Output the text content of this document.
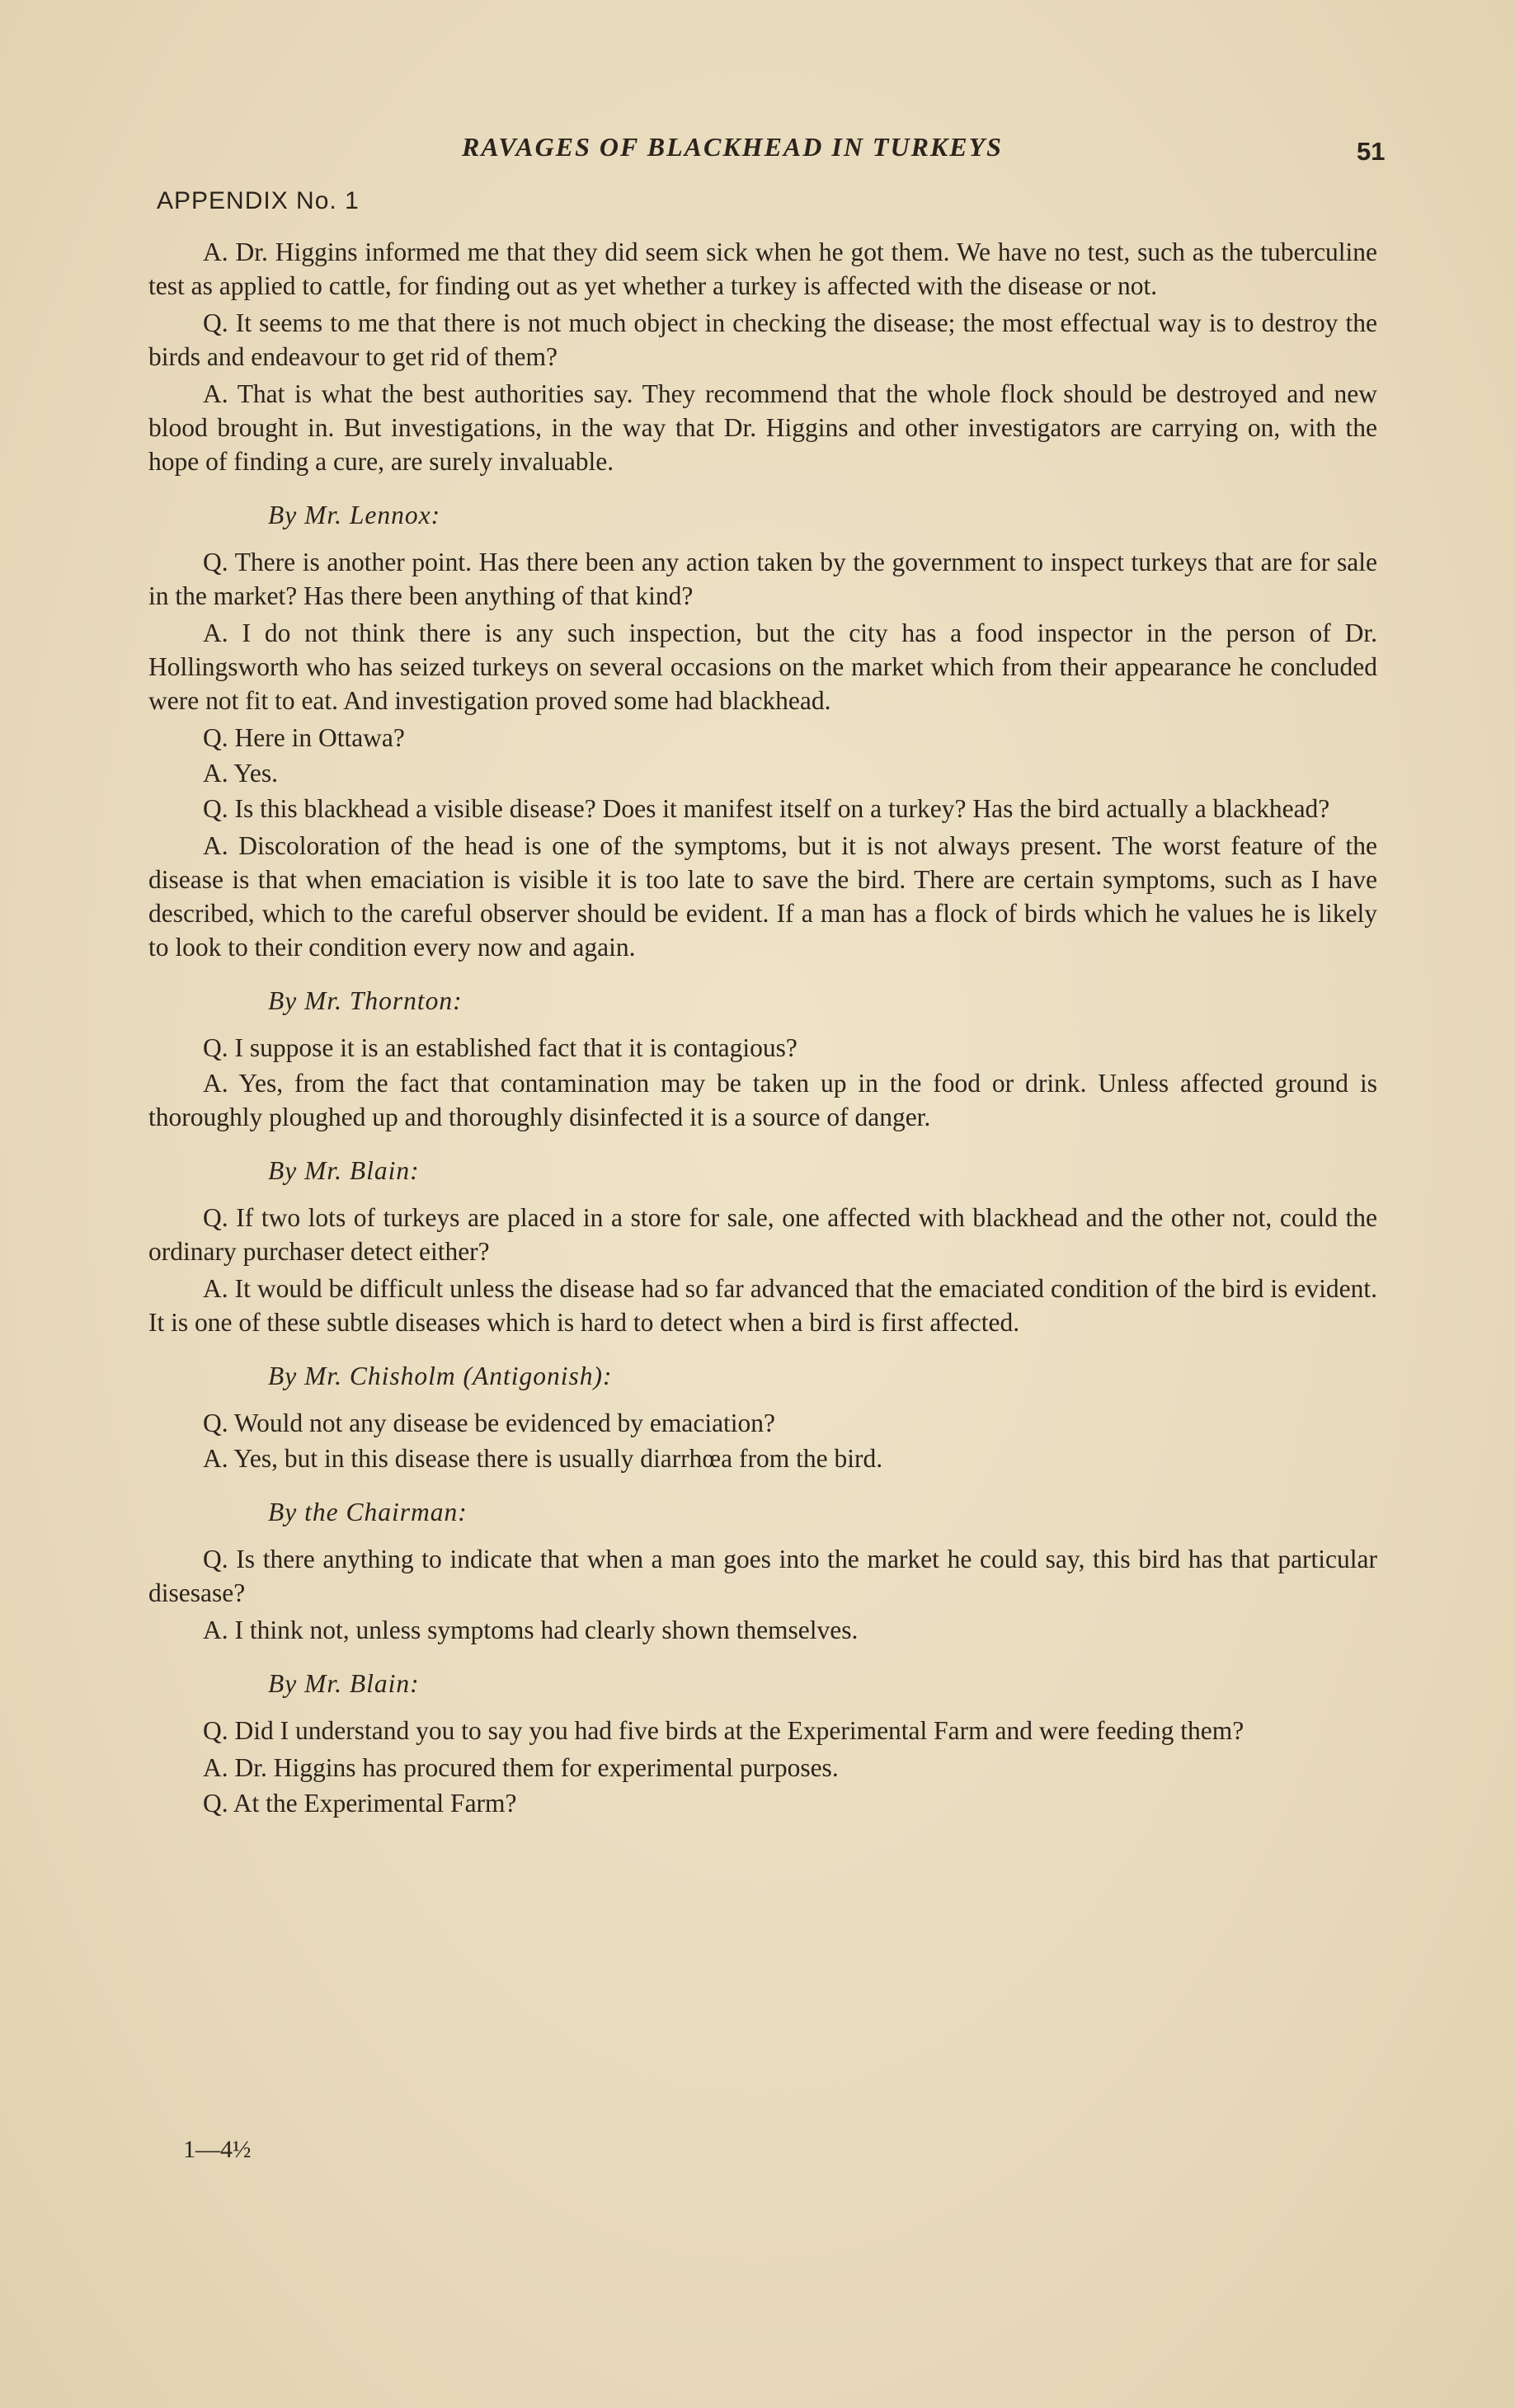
RAVAGES OF BLACKHEAD IN TURKEYS	51
APPENDIX No. 1

A. Dr. Higgins informed me that they did seem sick when he got them. We have no test, such as the tuberculine test as applied to cattle, for finding out as yet whether a turkey is affected with the disease or not.

Q. It seems to me that there is not much object in checking the disease; the most effectual way is to destroy the birds and endeavour to get rid of them?

A. That is what the best authorities say. They recommend that the whole flock should be destroyed and new blood brought in. But investigations, in the way that Dr. Higgins and other investigators are carrying on, with the hope of finding a cure, are surely invaluable.

By Mr. Lennox:

Q. There is another point. Has there been any action taken by the government to inspect turkeys that are for sale in the market? Has there been anything of that kind?

A. I do not think there is any such inspection, but the city has a food inspector in the person of Dr. Hollingsworth who has seized turkeys on several occasions on the market which from their appearance he concluded were not fit to eat. And investigation proved some had blackhead.

Q. Here in Ottawa?

A. Yes.

Q. Is this blackhead a visible disease? Does it manifest itself on a turkey? Has the bird actually a blackhead?

A. Discoloration of the head is one of the symptoms, but it is not always present. The worst feature of the disease is that when emaciation is visible it is too late to save the bird. There are certain symptoms, such as I have described, which to the careful observer should be evident. If a man has a flock of birds which he values he is likely to look to their condition every now and again.

By Mr. Thornton:

Q. I suppose it is an established fact that it is contagious?

A. Yes, from the fact that contamination may be taken up in the food or drink. Unless affected ground is thoroughly ploughed up and thoroughly disinfected it is a source of danger.

By Mr. Blain:

Q. If two lots of turkeys are placed in a store for sale, one affected with blackhead and the other not, could the ordinary purchaser detect either?

A. It would be difficult unless the disease had so far advanced that the emaciated condition of the bird is evident. It is one of these subtle diseases which is hard to detect when a bird is first affected.

By Mr. Chisholm (Antigonish):

Q. Would not any disease be evidenced by emaciation?

A. Yes, but in this disease there is usually diarrhœa from the bird.

By the Chairman:

Q. Is there anything to indicate that when a man goes into the market he could say, this bird has that particular disesase?

A. I think not, unless symptoms had clearly shown themselves.

By Mr. Blain:

Q. Did I understand you to say you had five birds at the Experimental Farm and were feeding them?

A. Dr. Higgins has procured them for experimental purposes.

Q. At the Experimental Farm?

1—4½
